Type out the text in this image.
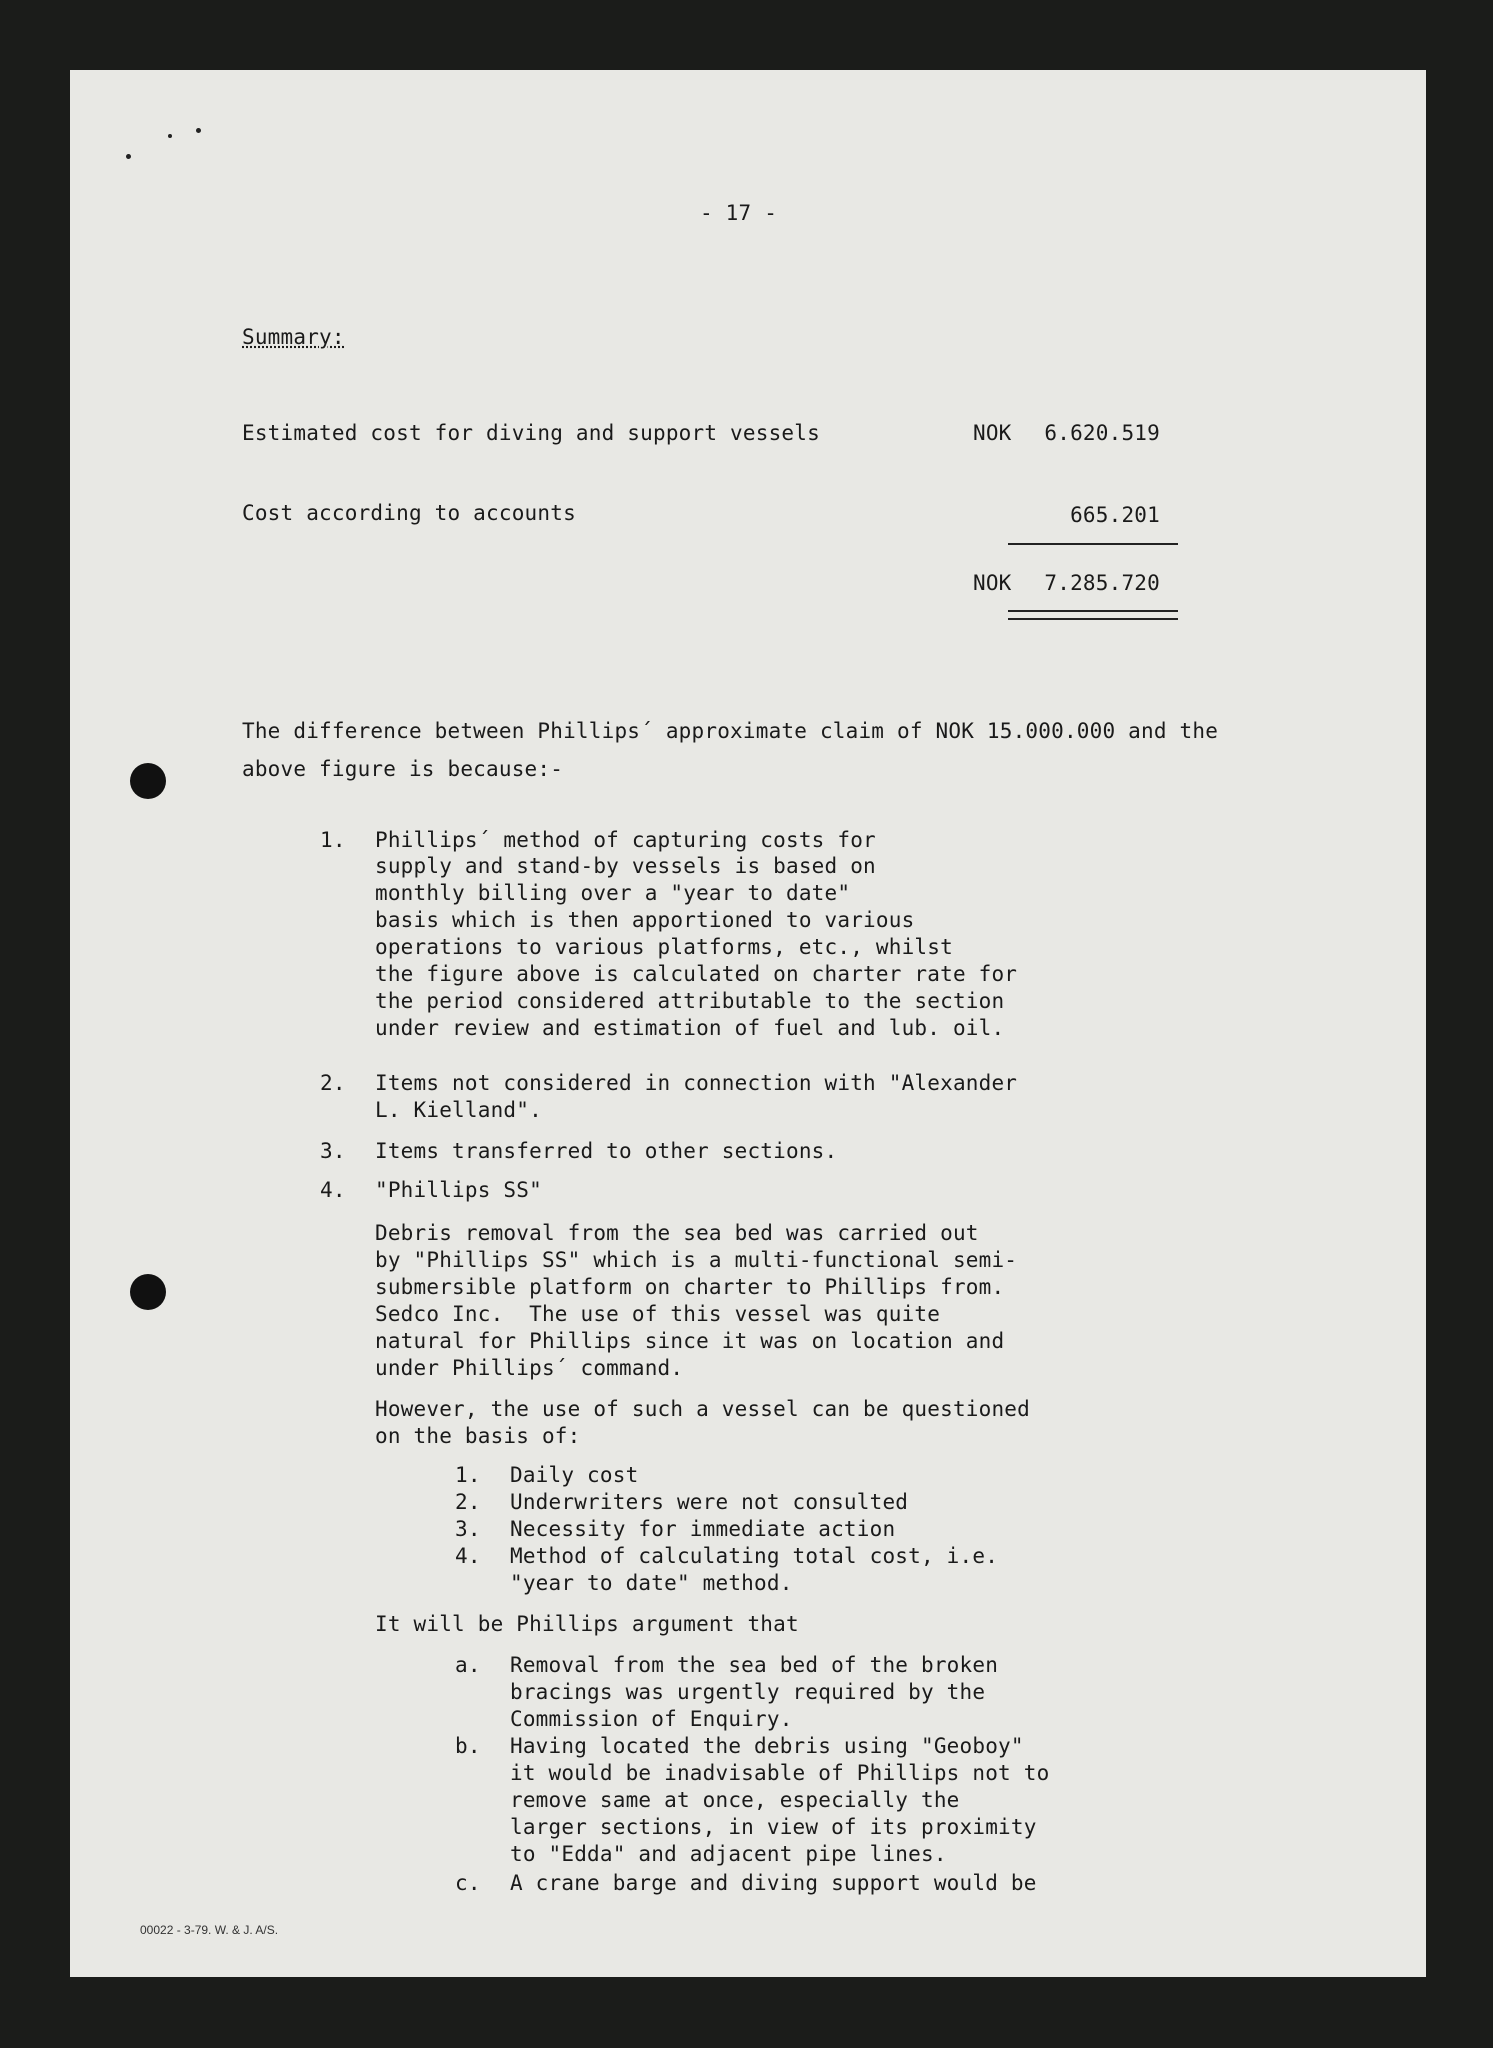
- 17 -
Summary:
Estimated cost for diving and support vessels	NOK	6.620.519
Cost according to accounts	665.201
NOK	7.285.720
The difference between Phillips´ approximate claim of NOK 15.000.000 and the
above figure is because:-
1. Phillips´ method of capturing costs for
supply and stand-by vessels is based on
monthly billing over a "year to date"
basis which is then apportioned to various
operations to various platforms, etc., whilst
the figure above is calculated on charter rate for
the period considered attributable to the section
under review and estimation of fuel and lub. oil.
2. Items not considered in connection with "Alexander
L. Kielland".
3. Items transferred to other sections.
4. "Phillips SS"
Debris removal from the sea bed was carried out
by "Phillips SS" which is a multi-functional semi-
submersible platform on charter to Phillips from.
Sedco Inc.  The use of this vessel was quite
natural for Phillips since it was on location and
under Phillips´ command.
However, the use of such a vessel can be questioned
on the basis of:
1. Daily cost
2. Underwriters were not consulted
3. Necessity for immediate action
4. Method of calculating total cost, i.e.
"year to date" method.
It will be Phillips argument that
a. Removal from the sea bed of the broken
bracings was urgently required by the
Commission of Enquiry.
b. Having located the debris using "Geoboy"
it would be inadvisable of Phillips not to
remove same at once, especially the
larger sections, in view of its proximity
to "Edda" and adjacent pipe lines.
c. A crane barge and diving support would be
00022 - 3-79. W. & J. A/S.
